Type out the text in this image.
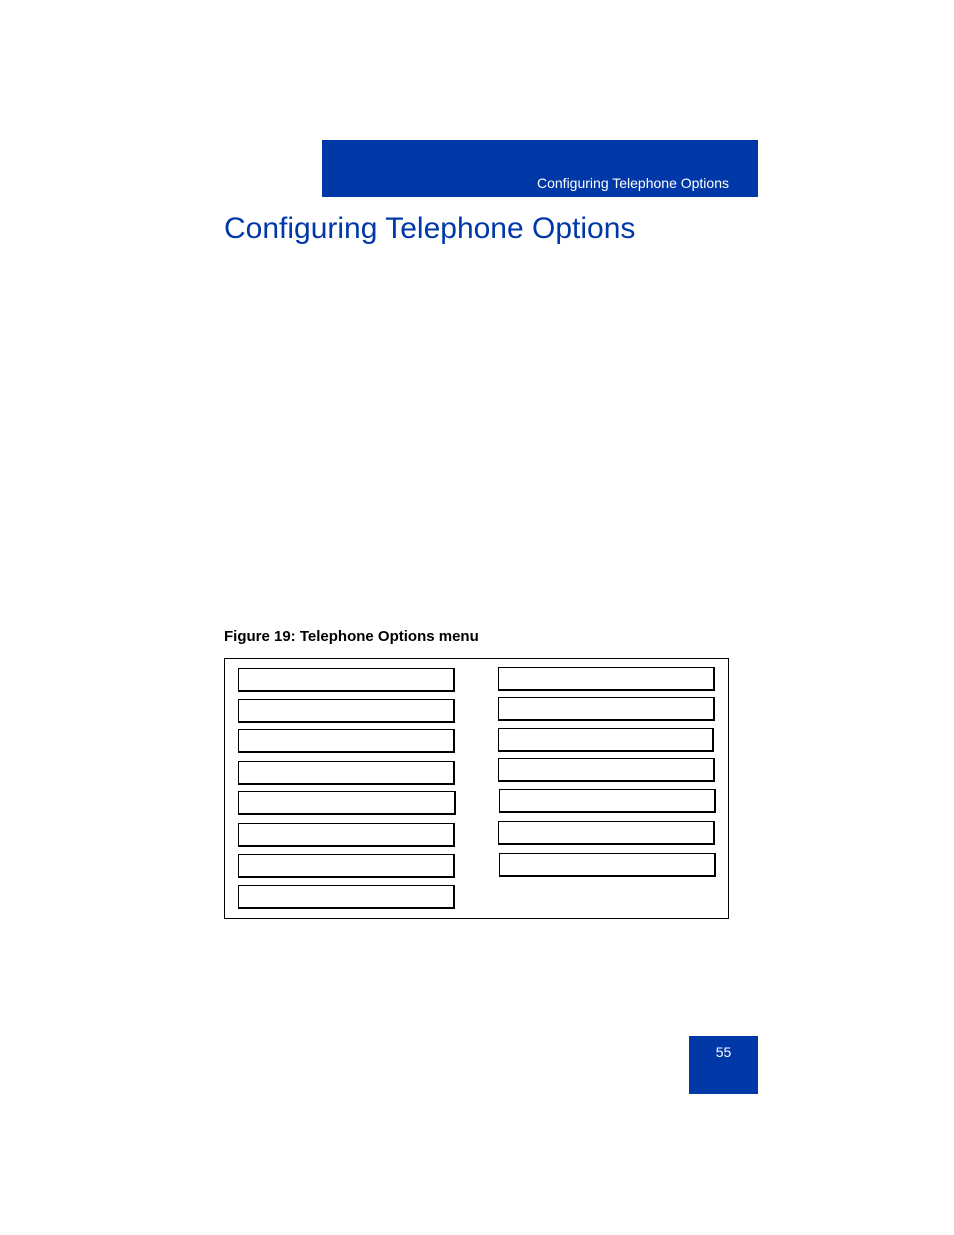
Configuring Telephone Options
Configuring Telephone Options
Figure 19: Telephone Options menu
55
